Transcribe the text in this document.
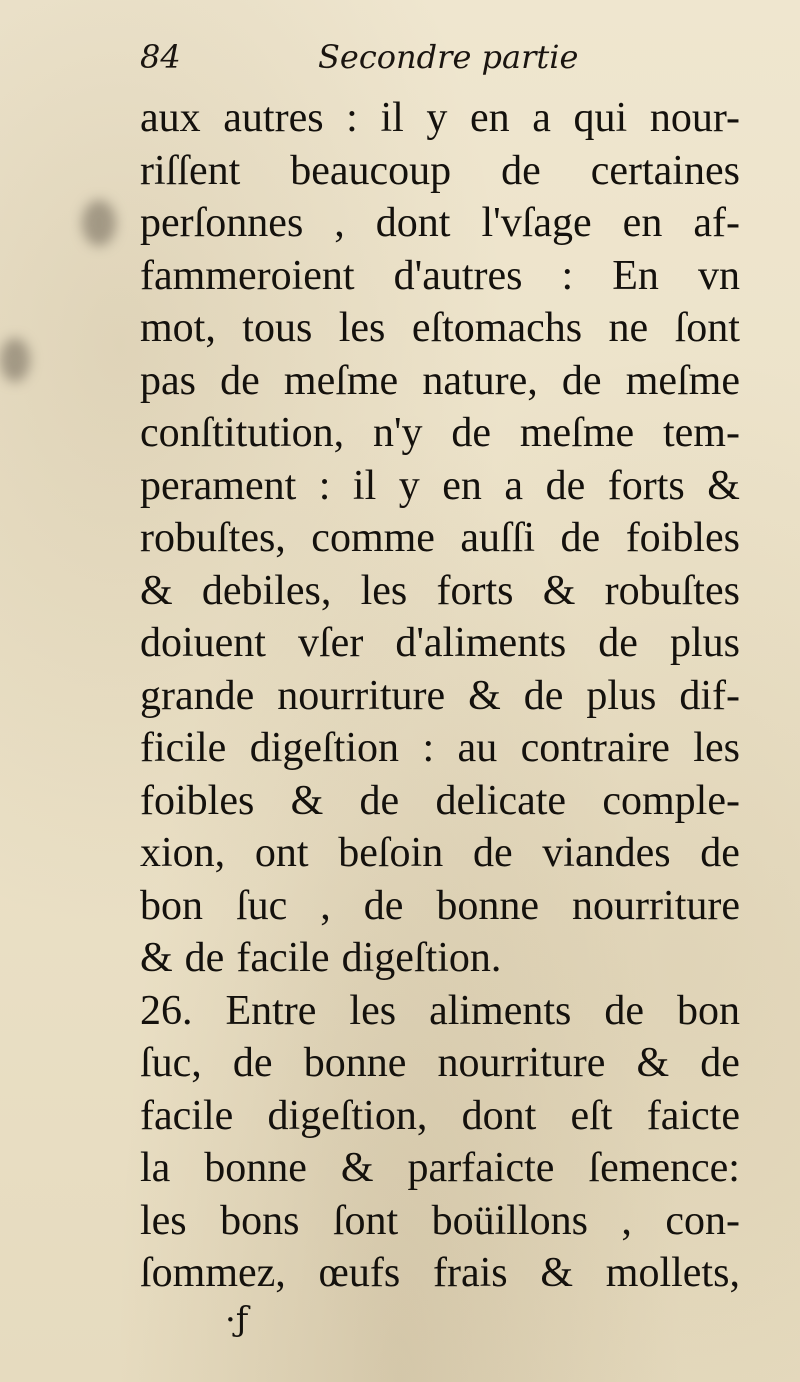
84	Secondre partie
aux autres : il y en a qui nour-
riſſent beaucoup de certaines
perſonnes , dont l'vſage en af-
fammeroient d'autres : En vn
mot, tous les eſtomachs ne ſont
pas de meſme nature, de meſme
conſtitution, n'y de meſme tem-
perament : il y en a de forts &
robuſtes, comme auſſi de foibles
& debiles, les forts & robuſtes
doiuent vſer d'aliments de plus
grande nourriture & de plus dif-
ficile digeſtion : au contraire les
foibles & de delicate comple-
xion, ont beſoin de viandes de
bon ſuc , de bonne nourriture
& de facile digeſtion.
26. Entre les aliments de bon
ſuc, de bonne nourriture & de
facile digeſtion, dont eſt faicte
la bonne & parfaicte ſemence:
les bons ſont boüillons , con-
ſommez, œufs frais & mollets,
·ƒ
